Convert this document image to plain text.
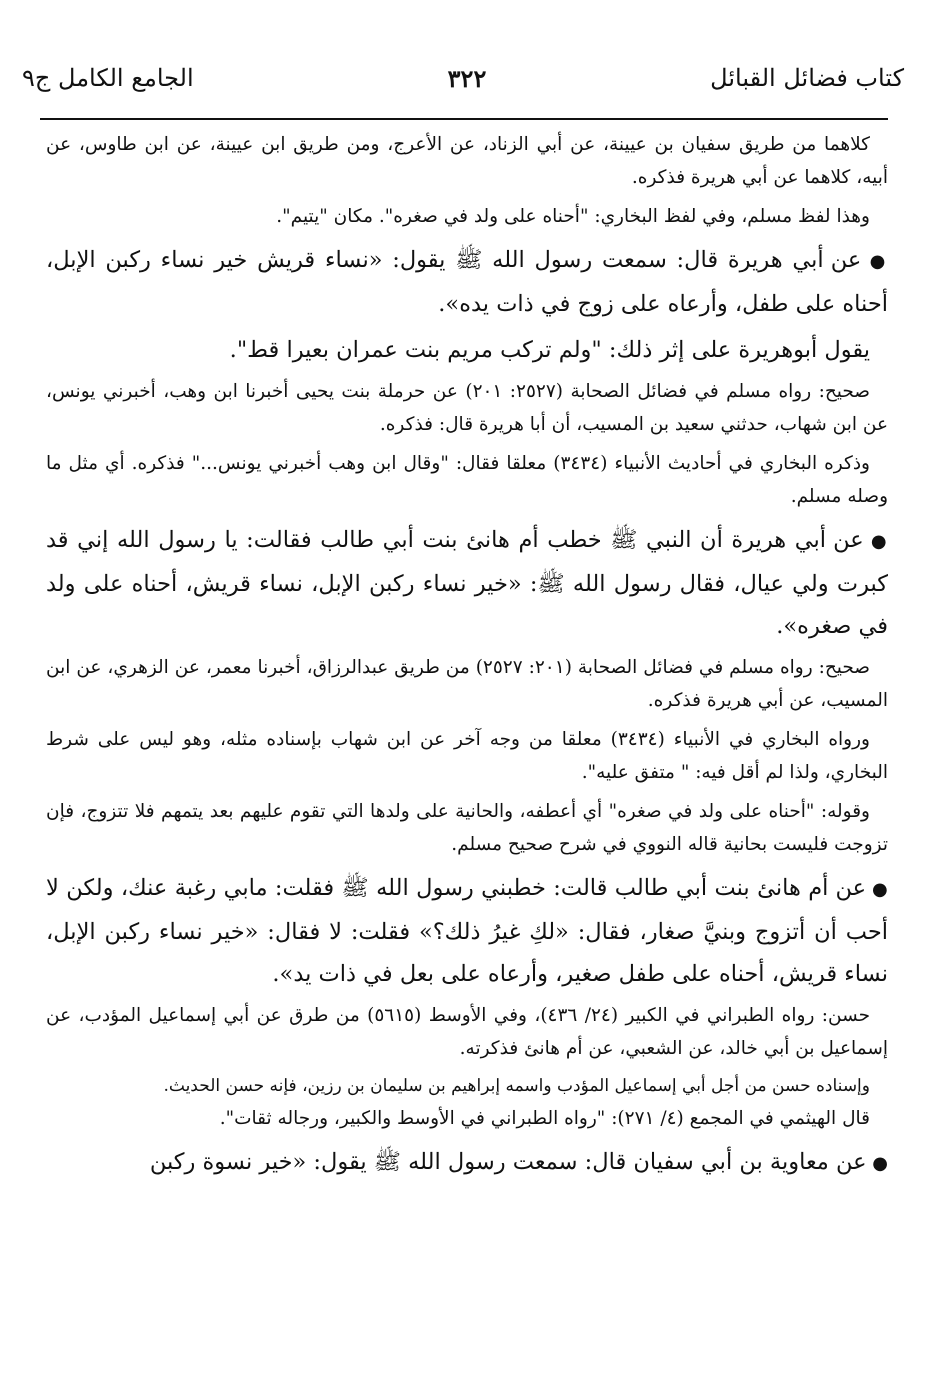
كتاب فضائل القبائل
٣٢٢
الجامع الكامل ج٩

كلاهما من طريق سفيان بن عيينة، عن أبي الزناد، عن الأعرج، ومن طريق ابن عيينة، عن ابن طاوس، عن أبيه، كلاهما عن أبي هريرة فذكره.

وهذا لفظ مسلم، وفي لفظ البخاري: "أحناه على ولد في صغره". مكان "يتيم".

● عن أبي هريرة قال: سمعت رسول الله ﷺ يقول: «نساء قريش خير نساء ركبن الإبل، أحناه على طفل، وأرعاه على زوج في ذات يده».

يقول أبوهريرة على إثر ذلك: "ولم تركب مريم بنت عمران بعيرا قط".

صحيح: رواه مسلم في فضائل الصحابة (٢٥٢٧: ٢٠١) عن حرملة بنت يحيى أخبرنا ابن وهب، أخبرني يونس، عن ابن شهاب، حدثني سعيد بن المسيب، أن أبا هريرة قال: فذكره.

وذكره البخاري في أحاديث الأنبياء (٣٤٣٤) معلقا فقال: "وقال ابن وهب أخبرني يونس..." فذكره. أي مثل ما وصله مسلم.

● عن أبي هريرة أن النبي ﷺ خطب أم هانئ بنت أبي طالب فقالت: يا رسول الله إني قد كبرت ولي عيال، فقال رسول الله ﷺ: «خير نساء ركبن الإبل، نساء قريش، أحناه على ولد في صغره».

صحيح: رواه مسلم في فضائل الصحابة (٢٠١: ٢٥٢٧) من طريق عبدالرزاق، أخبرنا معمر، عن الزهري، عن ابن المسيب، عن أبي هريرة فذكره.

ورواه البخاري في الأنبياء (٣٤٣٤) معلقا من وجه آخر عن ابن شهاب بإسناده مثله، وهو ليس على شرط البخاري، ولذا لم أقل فيه: " متفق عليه".

وقوله: "أحناه على ولد في صغره" أي أعطفه، والحانية على ولدها التي تقوم عليهم بعد يتمهم فلا تتزوج، فإن تزوجت فليست بحانية قاله النووي في شرح صحيح مسلم.

● عن أم هانئ بنت أبي طالب قالت: خطبني رسول الله ﷺ فقلت: مابي رغبة عنك، ولكن لا أحب أن أتزوج وبنيَّ صغار، فقال: «لكِ غيرُ ذلك؟» فقلت: لا فقال: «خير نساء ركبن الإبل، نساء قريش، أحناه على طفل صغير، وأرعاه على بعل في ذات يد».

حسن: رواه الطبراني في الكبير (٢٤/ ٤٣٦)، وفي الأوسط (٥٦١٥) من طرق عن أبي إسماعيل المؤدب، عن إسماعيل بن أبي خالد، عن الشعبي، عن أم هانئ فذكرته.

وإسناده حسن من أجل أبي إسماعيل المؤدب واسمه إبراهيم بن سليمان بن رزين، فإنه حسن الحديث.

قال الهيثمي في المجمع (٤/ ٢٧١): "رواه الطبراني في الأوسط والكبير، ورجاله ثقات".

● عن معاوية بن أبي سفيان قال: سمعت رسول الله ﷺ يقول: «خير نسوة ركبن
